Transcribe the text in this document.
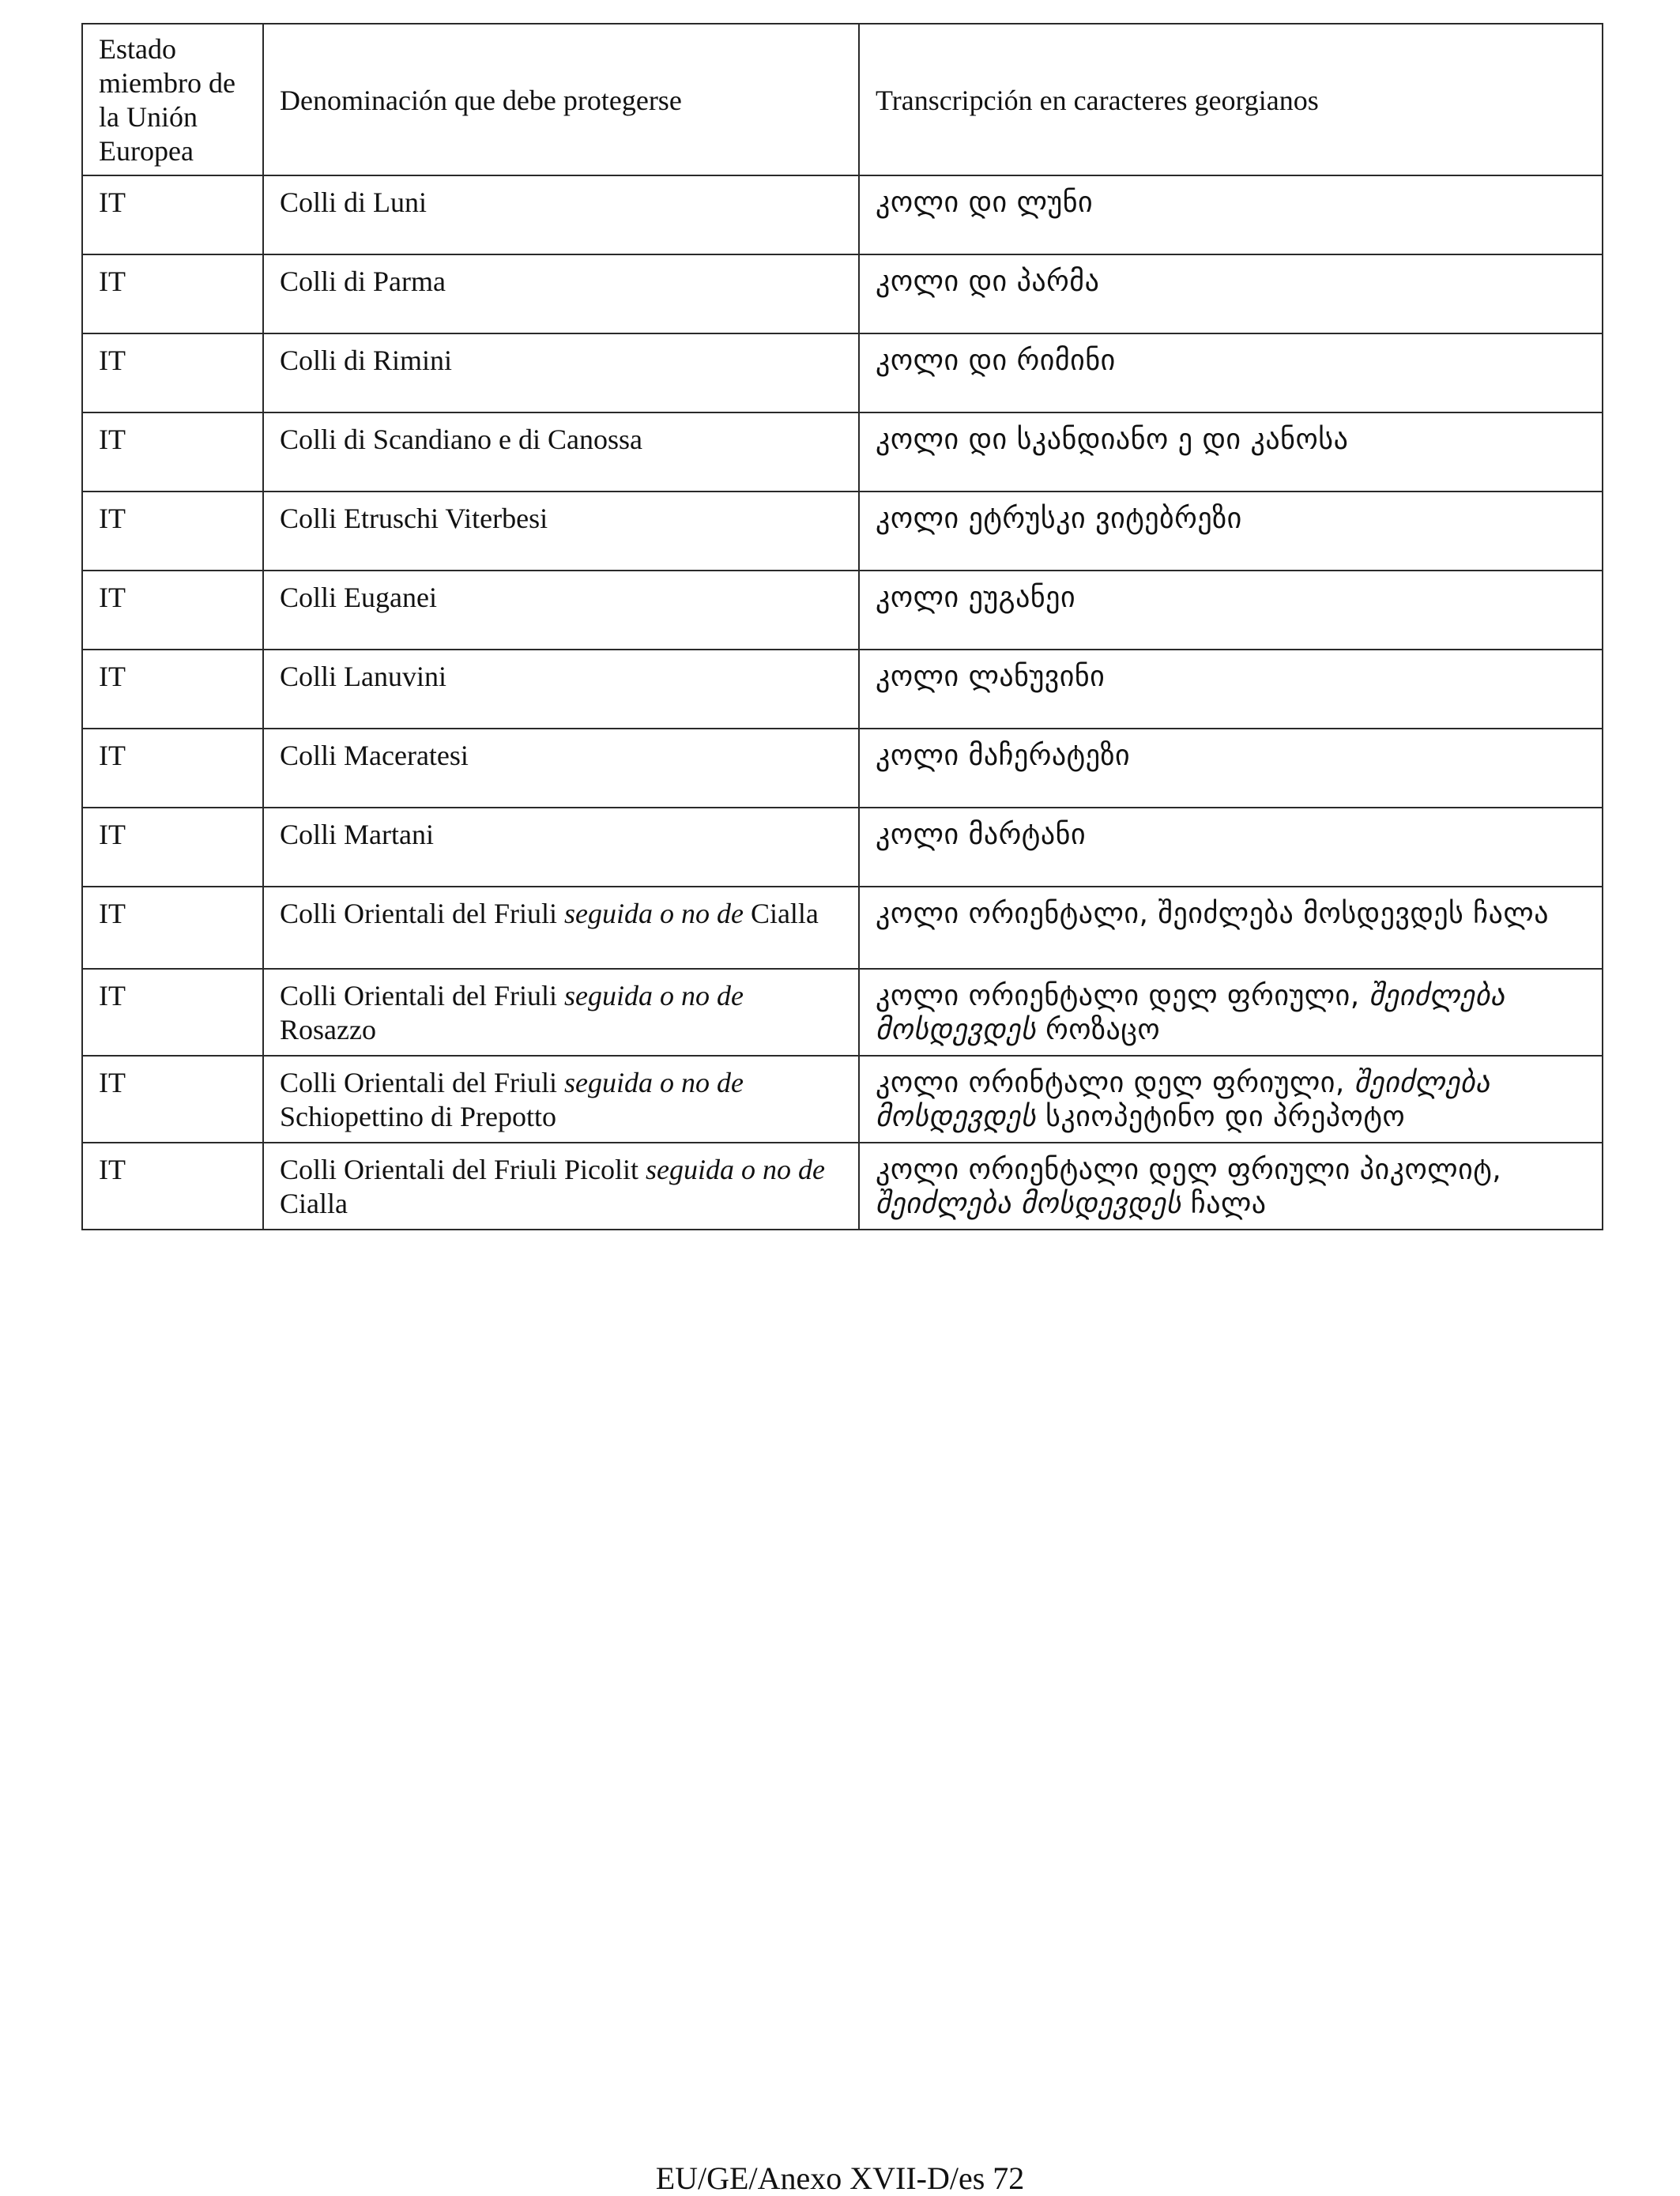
Estado miembro de la Unión Europea	Denominación que debe protegerse	Transcripción en caracteres georgianos
IT	Colli di Luni	კოლი დი ლუნი
IT	Colli di Parma	კოლი დი პარმა
IT	Colli di Rimini	კოლი დი რიმინი
IT	Colli di Scandiano e di Canossa	კოლი დი სკანდიანო ე დი კანოსა
IT	Colli Etruschi Viterbesi	კოლი ეტრუსკი ვიტებრეზი
IT	Colli Euganei	კოლი ეუგანეი
IT	Colli Lanuvini	კოლი ლანუვინი
IT	Colli Maceratesi	კოლი მაჩერატეზი
IT	Colli Martani	კოლი მარტანი
IT	Colli Orientali del Friuli seguida o no de Cialla	კოლი ორიენტალი, შეიძლება მოსდევდეს ჩალა
IT	Colli Orientali del Friuli seguida o no de Rosazzo	კოლი ორიენტალი დელ ფრიული, შეიძლება მოსდევდეს როზაცო
IT	Colli Orientali del Friuli seguida o no de Schiopettino di Prepotto	კოლი ორინტალი დელ ფრიული, შეიძლება მოსდევდეს სკიოპეტინო დი პრეპოტო
IT	Colli Orientali del Friuli Picolit seguida o no de Cialla	კოლი ორიენტალი დელ ფრიული პიკოლიტ, შეიძლება მოსდევდეს ჩალა
EU/GE/Anexo XVII-D/es 72
